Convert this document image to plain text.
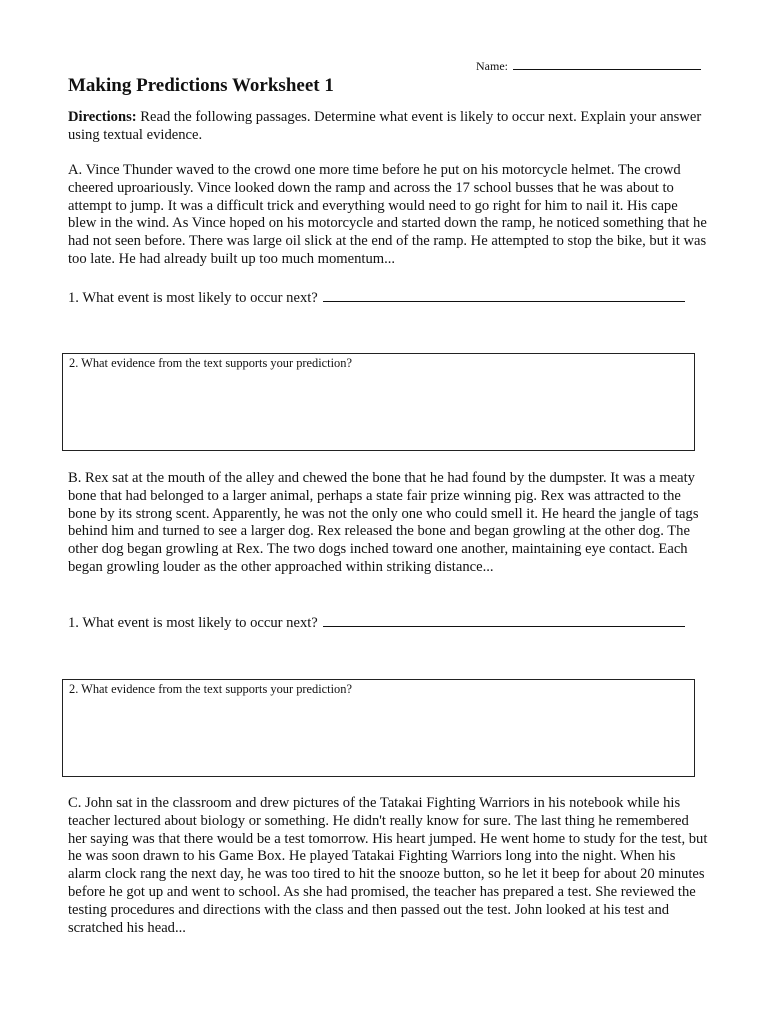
Name:
Making Predictions Worksheet 1

Directions: Read the following passages. Determine what event is likely to occur next. Explain your answer using textual evidence.

A. Vince Thunder waved to the crowd one more time before he put on his motorcycle helmet. The crowd cheered uproariously. Vince looked down the ramp and across the 17 school busses that he was about to attempt to jump. It was a difficult trick and everything would need to go right for him to nail it. His cape blew in the wind. As Vince hoped on his motorcycle and started down the ramp, he noticed something that he had not seen before. There was large oil slick at the end of the ramp. He attempted to stop the bike, but it was too late. He had already built up too much momentum...

1. What event is most likely to occur next?
2. What evidence from the text supports your prediction?

B. Rex sat at the mouth of the alley and chewed the bone that he had found by the dumpster. It was a meaty bone that had belonged to a larger animal, perhaps a state fair prize winning pig. Rex was attracted to the bone by its strong scent. Apparently, he was not the only one who could smell it. He heard the jangle of tags behind him and turned to see a larger dog. Rex released the bone and began growling at the other dog. The other dog began growling at Rex. The two dogs inched toward one another, maintaining eye contact. Each began growling louder as the other approached within striking distance...

1. What event is most likely to occur next?
2. What evidence from the text supports your prediction?

C. John sat in the classroom and drew pictures of the Tatakai Fighting Warriors in his notebook while his teacher lectured about biology or something. He didn't really know for sure. The last thing he remembered her saying was that there would be a test tomorrow. His heart jumped. He went home to study for the test, but he was soon drawn to his Game Box. He played Tatakai Fighting Warriors long into the night. When his alarm clock rang the next day, he was too tired to hit the snooze button, so he let it beep for about 20 minutes before he got up and went to school. As she had promised, the teacher has prepared a test. She reviewed the testing procedures and directions with the class and then passed out the test. John looked at his test and scratched his head...
